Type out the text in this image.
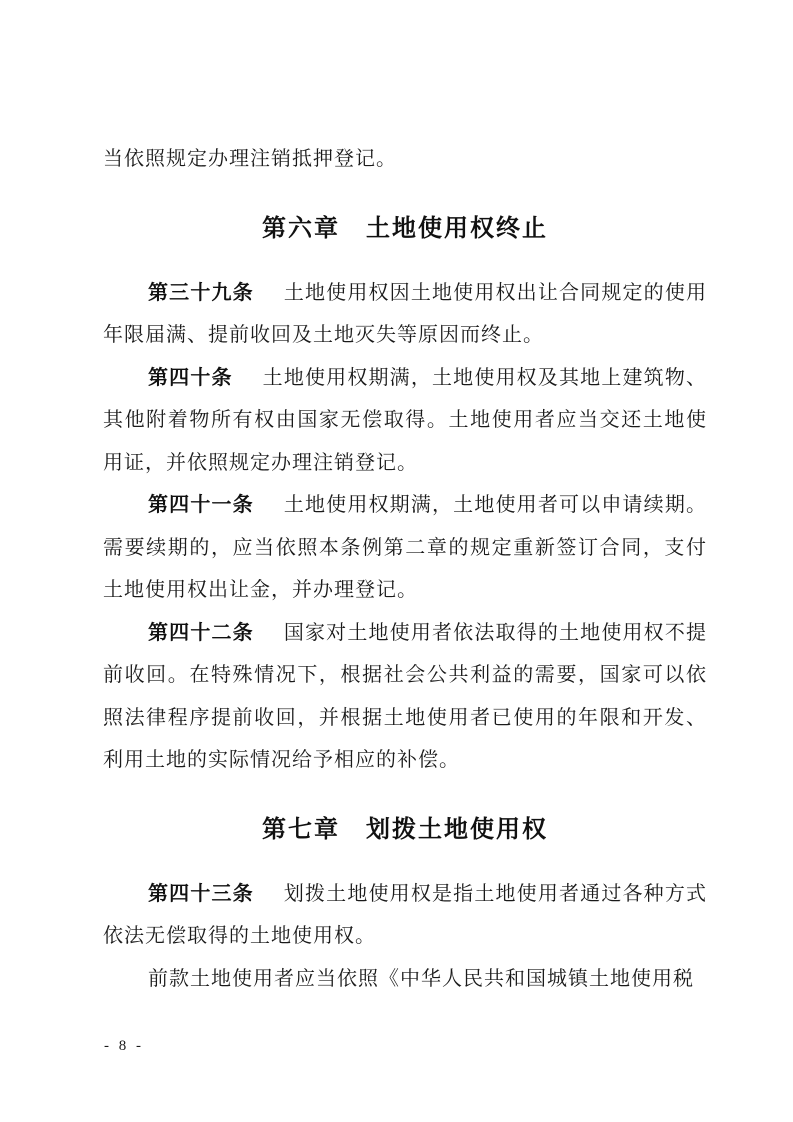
当依照规定办理注销抵押登记。

第六章 土地使用权终止

第三十九条 土地使用权因土地使用权出让合同规定的使用年限届满、提前收回及土地灭失等原因而终止。

第四十条 土地使用权期满，土地使用权及其地上建筑物、其他附着物所有权由国家无偿取得。土地使用者应当交还土地使用证，并依照规定办理注销登记。

第四十一条 土地使用权期满，土地使用者可以申请续期。需要续期的，应当依照本条例第二章的规定重新签订合同，支付土地使用权出让金，并办理登记。

第四十二条 国家对土地使用者依法取得的土地使用权不提前收回。在特殊情况下，根据社会公共利益的需要，国家可以依照法律程序提前收回，并根据土地使用者已使用的年限和开发、利用土地的实际情况给予相应的补偿。

第七章 划拨土地使用权

第四十三条 划拨土地使用权是指土地使用者通过各种方式依法无偿取得的土地使用权。

前款土地使用者应当依照《中华人民共和国城镇土地使用税

- 8 -
